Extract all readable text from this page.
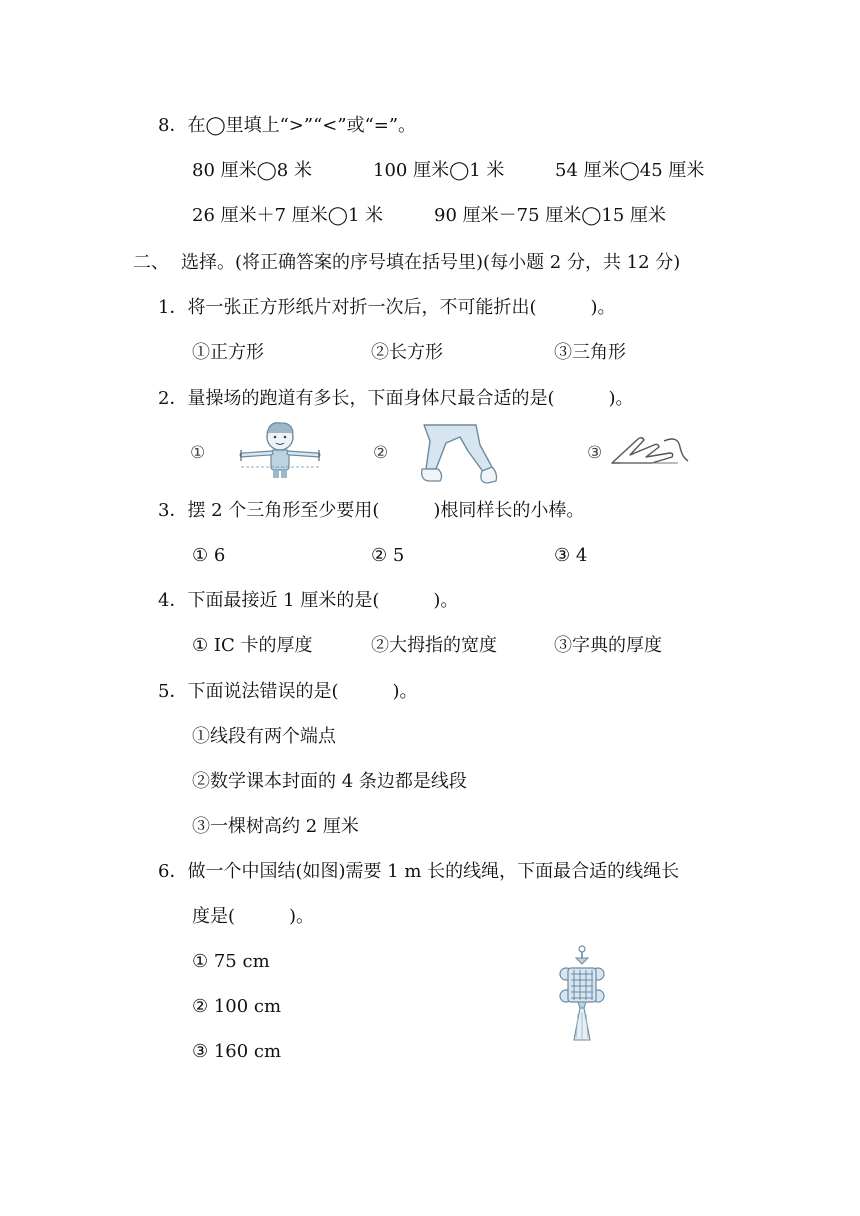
8．在◯里填上“>”“<”或“=”。
80 厘米◯8 米	100 厘米◯1 米	54 厘米◯45 厘米
26 厘米＋7 厘米◯1 米	90 厘米－75 厘米◯15 厘米
二、 选择。(将正确答案的序号填在括号里)(每小题 2 分，共 12 分)
1．将一张正方形纸片对折一次后，不可能折出(　　　)。
①正方形	②长方形	③三角形
2．量操场的跑道有多长，下面身体尺最合适的是(　　　)。
①	②	③
3．摆 2 个三角形至少要用(　　　)根同样长的小棒。
① 6	② 5	③ 4
4．下面最接近 1 厘米的是(　　　)。
① IC 卡的厚度	②大拇指的宽度	③字典的厚度
5．下面说法错误的是(　　　)。
①线段有两个端点
②数学课本封面的 4 条边都是线段
③一棵树高约 2 厘米
6．做一个中国结(如图)需要 1 m 长的线绳，下面最合适的线绳长
度是(　　　)。
① 75 cm
② 100 cm
③ 160 cm
